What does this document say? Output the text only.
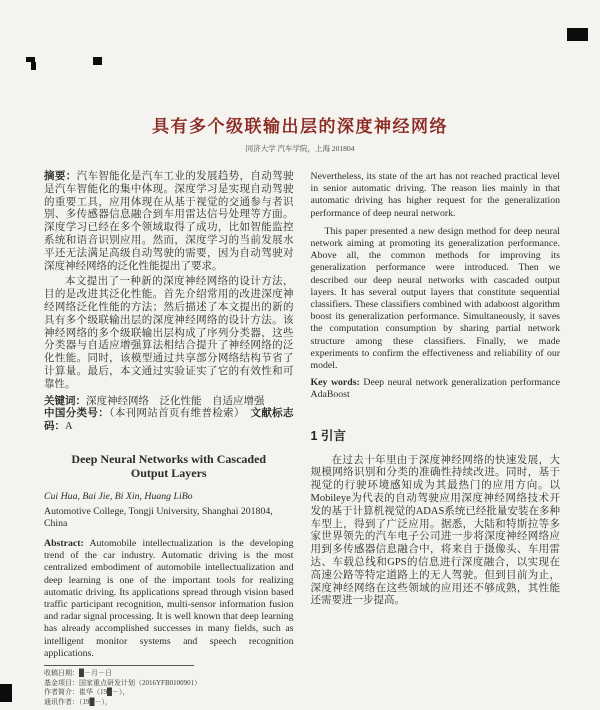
具有多个级联输出层的深度神经网络
同济大学 汽车学院，上海 201804

摘要：汽车智能化是汽车工业的发展趋势，自动驾驶是汽车智能化的集中体现。深度学习是实现自动驾驶的重要工具，应用体现在从基于视觉的交通参与者识别、多传感器信息融合到车用雷达信号处理等方面。深度学习已经在多个领域取得了成功，比如智能监控系统和语音识别应用。然而，深度学习的当前发展水平还无法满足高级自动驾驶的需要，因为自动驾驶对深度神经网络的泛化性能提出了要求。

本文提出了一种新的深度神经网络的设计方法，目的是改进其泛化性能。首先介绍常用的改进深度神经网络泛化性能的方法；然后描述了本文提出的新的具有多个级联输出层的深度神经网络的设计方法。该神经网络的多个级联输出层构成了序列分类器，这些分类器与自适应增强算法相结合提升了神经网络的泛化性能。同时，该模型通过共享部分网络结构节省了计算量。最后，本文通过实验证实了它的有效性和可靠性。

关键词：深度神经网络　泛化性能　自适应增强

中国分类号：（本刊网站首页有维普检索）　文献标志码：A

Deep Neural Networks with Cascaded Output Layers
Cui Hua, Bai Jie, Bi Xin, Huang LiBo
Automotive College, Tongji University, Shanghai 201804, China

Abstract: Automobile intellectualization is the developing trend of the car industry. Automatic driving is the most centralized embodiment of automobile intellectualization and deep learning is one of the important tools for realizing automatic driving. Its applications spread through vision based traffic participant recognition, multi-sensor information fusion and radar signal processing. It is well known that deep learning has already accomplished successes in many fields, such as intelligent monitor systems and speech recognition applications.

Nevertheless, its state of the art has not reached practical level in senior automatic driving. The reason lies mainly in that automatic driving has higher request for the generalization performance of deep neural network.

This paper presented a new design method for deep neural network aiming at promoting its generalization performance. Above all, the common methods for improving its generalization performance were introduced. Then we described our deep neural networks with cascaded output layers. It has several output layers that constitute sequential classifiers. These classifiers combined with adaboost algorithm boost its generalization performance. Simultaneously, it saves the computation consumption by sharing partial network structure among these classifiers. Finally, we made experiments to confirm the effectiveness and reliability of our model.

Key words: Deep neural network generalization performance AdaBoost

1 引言

在过去十年里由于深度神经网络的快速发展，大规模网络识别和分类的准确性持续改进。同时，基于视觉的行驶环境感知成为其最热门的应用方向。以Mobileye为代表的自动驾驶应用深度神经网络技术开发的基于计算机视觉的ADAS系统已经批量安装在多种车型上，得到了广泛应用。据悉，大陆和特斯拉等多家世界领先的汽车电子公司进一步将深度神经网络应用到多传感器信息融合中，将来自于摄像头、车用雷达、车载总线和GPS的信息进行深度融合，以实现在高速公路等特定道路上的无人驾驶。但到目前为止，深度神经网络在这些领域的应用还不够成熟，其性能还需要进一步提高。

收稿日期：█－月－日

基金项目：国家重点研发计划（2016YFB0100901）

作者简介：崔华（19█－），

通讯作者：（19█－），
